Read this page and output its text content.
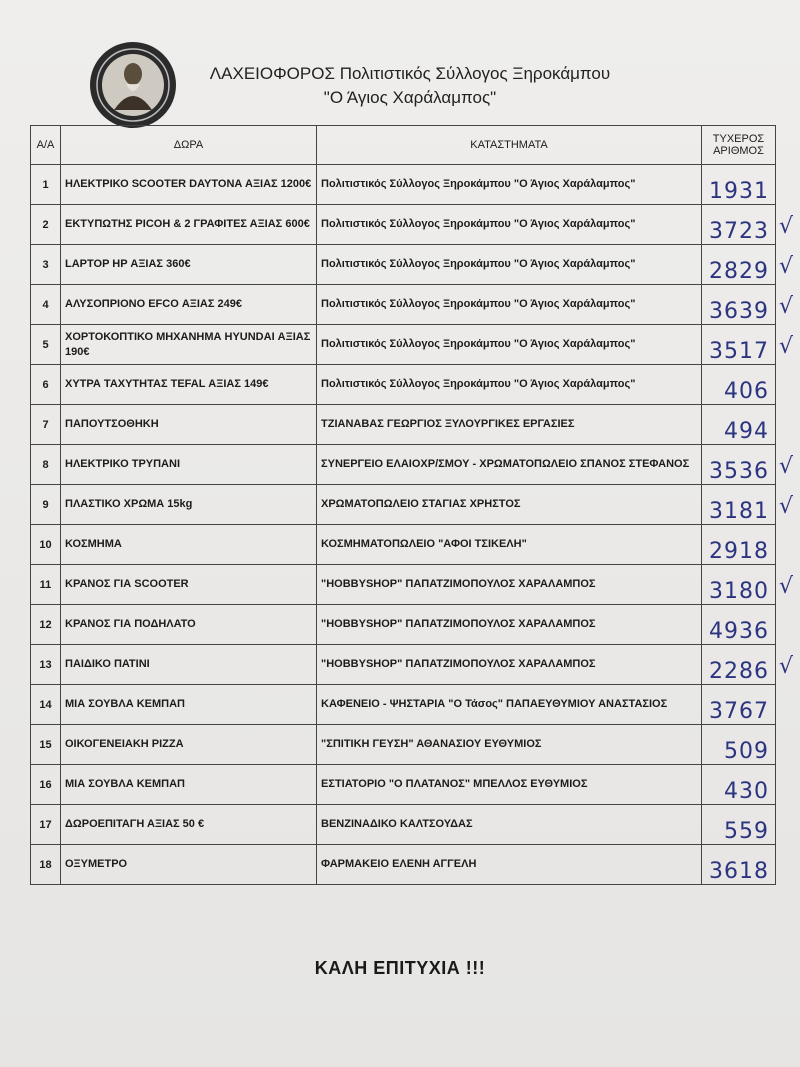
ΛΑΧΕΙΟΦΟΡΟΣ Πολιτιστικός Σύλλογος Ξηροκάμπου
"Ο Άγιος Χαράλαμπος"
Α/Α	ΔΩΡΑ	ΚΑΤΑΣΤΗΜΑΤΑ	ΤΥΧΕΡΟΣ ΑΡΙΘΜΟΣ
1	ΗΛΕΚΤΡΙΚΟ SCOOTER DAYTONA ΑΞΙΑΣ 1200€	Πολιτιστικός Σύλλογος Ξηροκάμπου "Ο Άγιος Χαράλαμπος"	1931
2	ΕΚΤΥΠΩΤΗΣ PICOH & 2 ΓΡΑΦΙΤΕΣ ΑΞΙΑΣ 600€	Πολιτιστικός Σύλλογος Ξηροκάμπου "Ο Άγιος Χαράλαμπος"	3723
3	LAPTOP HP ΑΞΙΑΣ 360€	Πολιτιστικός Σύλλογος Ξηροκάμπου "Ο Άγιος Χαράλαμπος"	2829
4	ΑΛΥΣΟΠΡΙΟΝΟ EFCO ΑΞΙΑΣ 249€	Πολιτιστικός Σύλλογος Ξηροκάμπου "Ο Άγιος Χαράλαμπος"	3639
5	ΧΟΡΤΟΚΟΠΤΙΚΟ ΜΗΧΑΝΗΜΑ HYUNDAI ΑΞΙΑΣ 190€	Πολιτιστικός Σύλλογος Ξηροκάμπου "Ο Άγιος Χαράλαμπος"	3517
6	ΧΥΤΡΑ ΤΑΧΥΤΗΤΑΣ TEFAL ΑΞΙΑΣ 149€	Πολιτιστικός Σύλλογος Ξηροκάμπου "Ο Άγιος Χαράλαμπος"	406
7	ΠΑΠΟΥΤΣΟΘΗΚΗ	ΤΖΙΑΝΑΒΑΣ ΓΕΩΡΓΙΟΣ ΞΥΛΟΥΡΓΙΚΕΣ ΕΡΓΑΣΙΕΣ	494
8	ΗΛΕΚΤΡΙΚΟ ΤΡΥΠΑΝΙ	ΣΥΝΕΡΓΕΙΟ ΕΛΑΙΟΧΡ/ΣΜΟΥ - ΧΡΩΜΑΤΟΠΩΛΕΙΟ ΣΠΑΝΟΣ ΣΤΕΦΑΝΟΣ	3536
9	ΠΛΑΣΤΙΚΟ ΧΡΩΜΑ 15kg	ΧΡΩΜΑΤΟΠΩΛΕΙΟ ΣΤΑΓΙΑΣ ΧΡΗΣΤΟΣ	3181
10	ΚΟΣΜΗΜΑ	ΚΟΣΜΗΜΑΤΟΠΩΛΕΙΟ "ΑΦΟΙ ΤΣΙΚΕΛΗ"	2918
11	ΚΡΑΝΟΣ ΓΙΑ SCOOTER	"HOBBYSHOP" ΠΑΠΑΤΖΙΜΟΠΟΥΛΟΣ ΧΑΡΑΛΑΜΠΟΣ	3180
12	ΚΡΑΝΟΣ ΓΙΑ ΠΟΔΗΛΑΤΟ	"HOBBYSHOP" ΠΑΠΑΤΖΙΜΟΠΟΥΛΟΣ ΧΑΡΑΛΑΜΠΟΣ	4936
13	ΠΑΙΔΙΚΟ ΠΑΤΙΝΙ	"HOBBYSHOP" ΠΑΠΑΤΖΙΜΟΠΟΥΛΟΣ ΧΑΡΑΛΑΜΠΟΣ	2286
14	ΜΙΑ ΣΟΥΒΛΑ ΚΕΜΠΑΠ	ΚΑΦΕΝΕΙΟ - ΨΗΣΤΑΡΙΑ "Ο Τάσος" ΠΑΠΑΕΥΘΥΜΙΟΥ ΑΝΑΣΤΑΣΙΟΣ	3767
15	ΟΙΚΟΓΕΝΕΙΑΚΗ PIZZA	"ΣΠΙΤΙΚΗ ΓΕΥΣΗ" ΑΘΑΝΑΣΙΟΥ ΕΥΘΥΜΙΟΣ	509
16	ΜΙΑ ΣΟΥΒΛΑ ΚΕΜΠΑΠ	ΕΣΤΙΑΤΟΡΙΟ "Ο ΠΛΑΤΑΝΟΣ" ΜΠΕΛΛΟΣ ΕΥΘΥΜΙΟΣ	430
17	ΔΩΡΟΕΠΙΤΑΓΗ ΑΞΙΑΣ 50 €	ΒΕΝΖΙΝΑΔΙΚΟ ΚΑΛΤΣΟΥΔΑΣ	559
18	ΟΞΥΜΕΤΡΟ	ΦΑΡΜΑΚΕΙΟ ΕΛΕΝΗ ΑΓΓΕΛΗ	3618
ΚΑΛΗ ΕΠΙΤΥΧΙΑ !!!
√
√
√
√
√
√
√
√
